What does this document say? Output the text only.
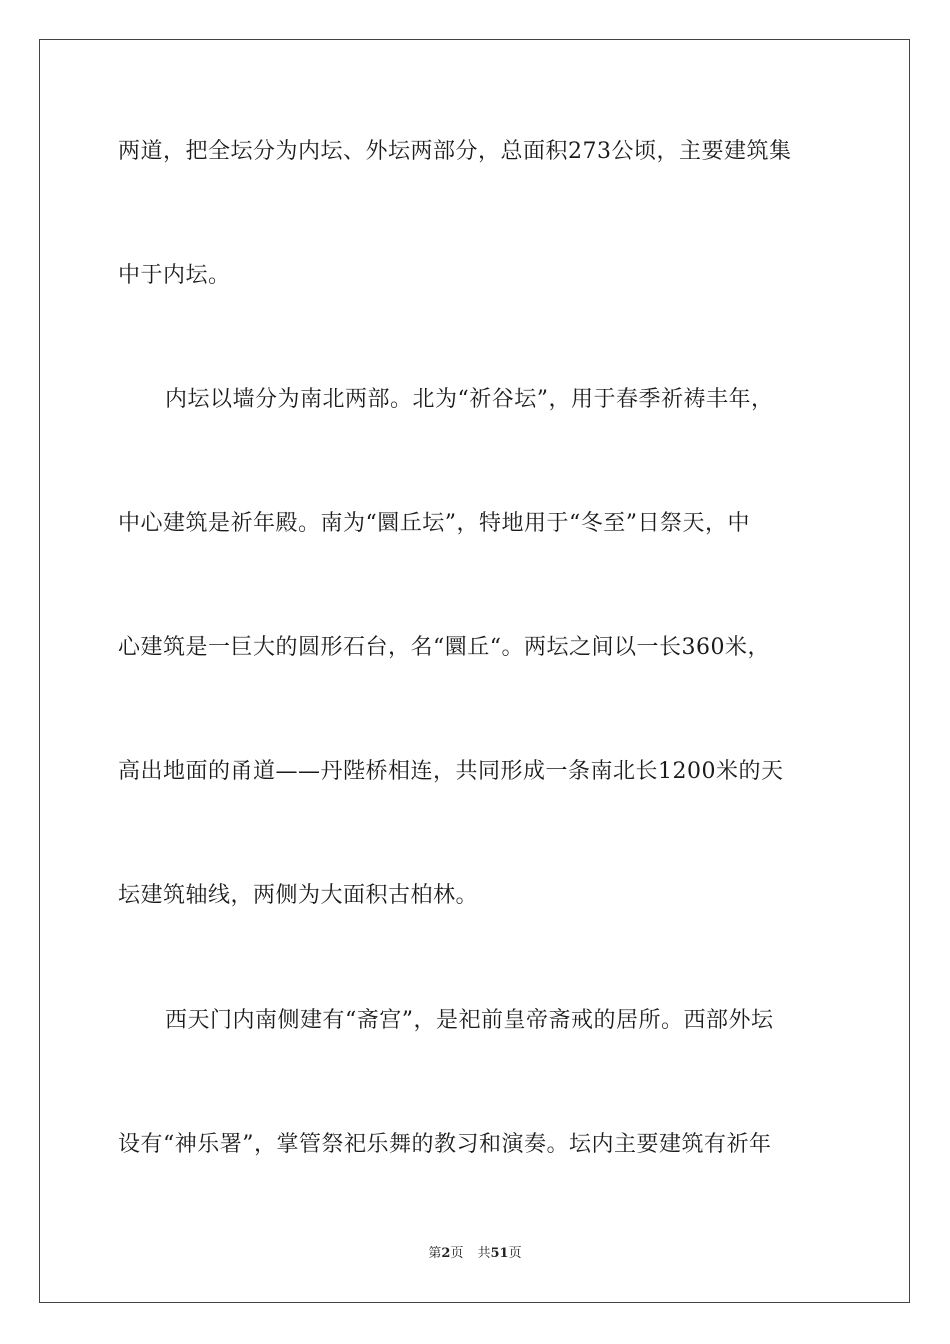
两道，把全坛分为内坛、外坛两部分，总面积273公顷，主要建筑集
中于内坛。
内坛以墙分为南北两部。北为“祈谷坛”，用于春季祈祷丰年，
中心建筑是祈年殿。南为“圜丘坛”，特地用于“冬至”日祭天，中
心建筑是一巨大的圆形石台，名“圜丘“。两坛之间以一长360米，
高出地面的甬道——丹陛桥相连，共同形成一条南北长1200米的天
坛建筑轴线，两侧为大面积古柏林。
西天门内南侧建有“斋宫”，是祀前皇帝斋戒的居所。西部外坛
设有“神乐署”，掌管祭祀乐舞的教习和演奏。坛内主要建筑有祈年
第2页 共51页
